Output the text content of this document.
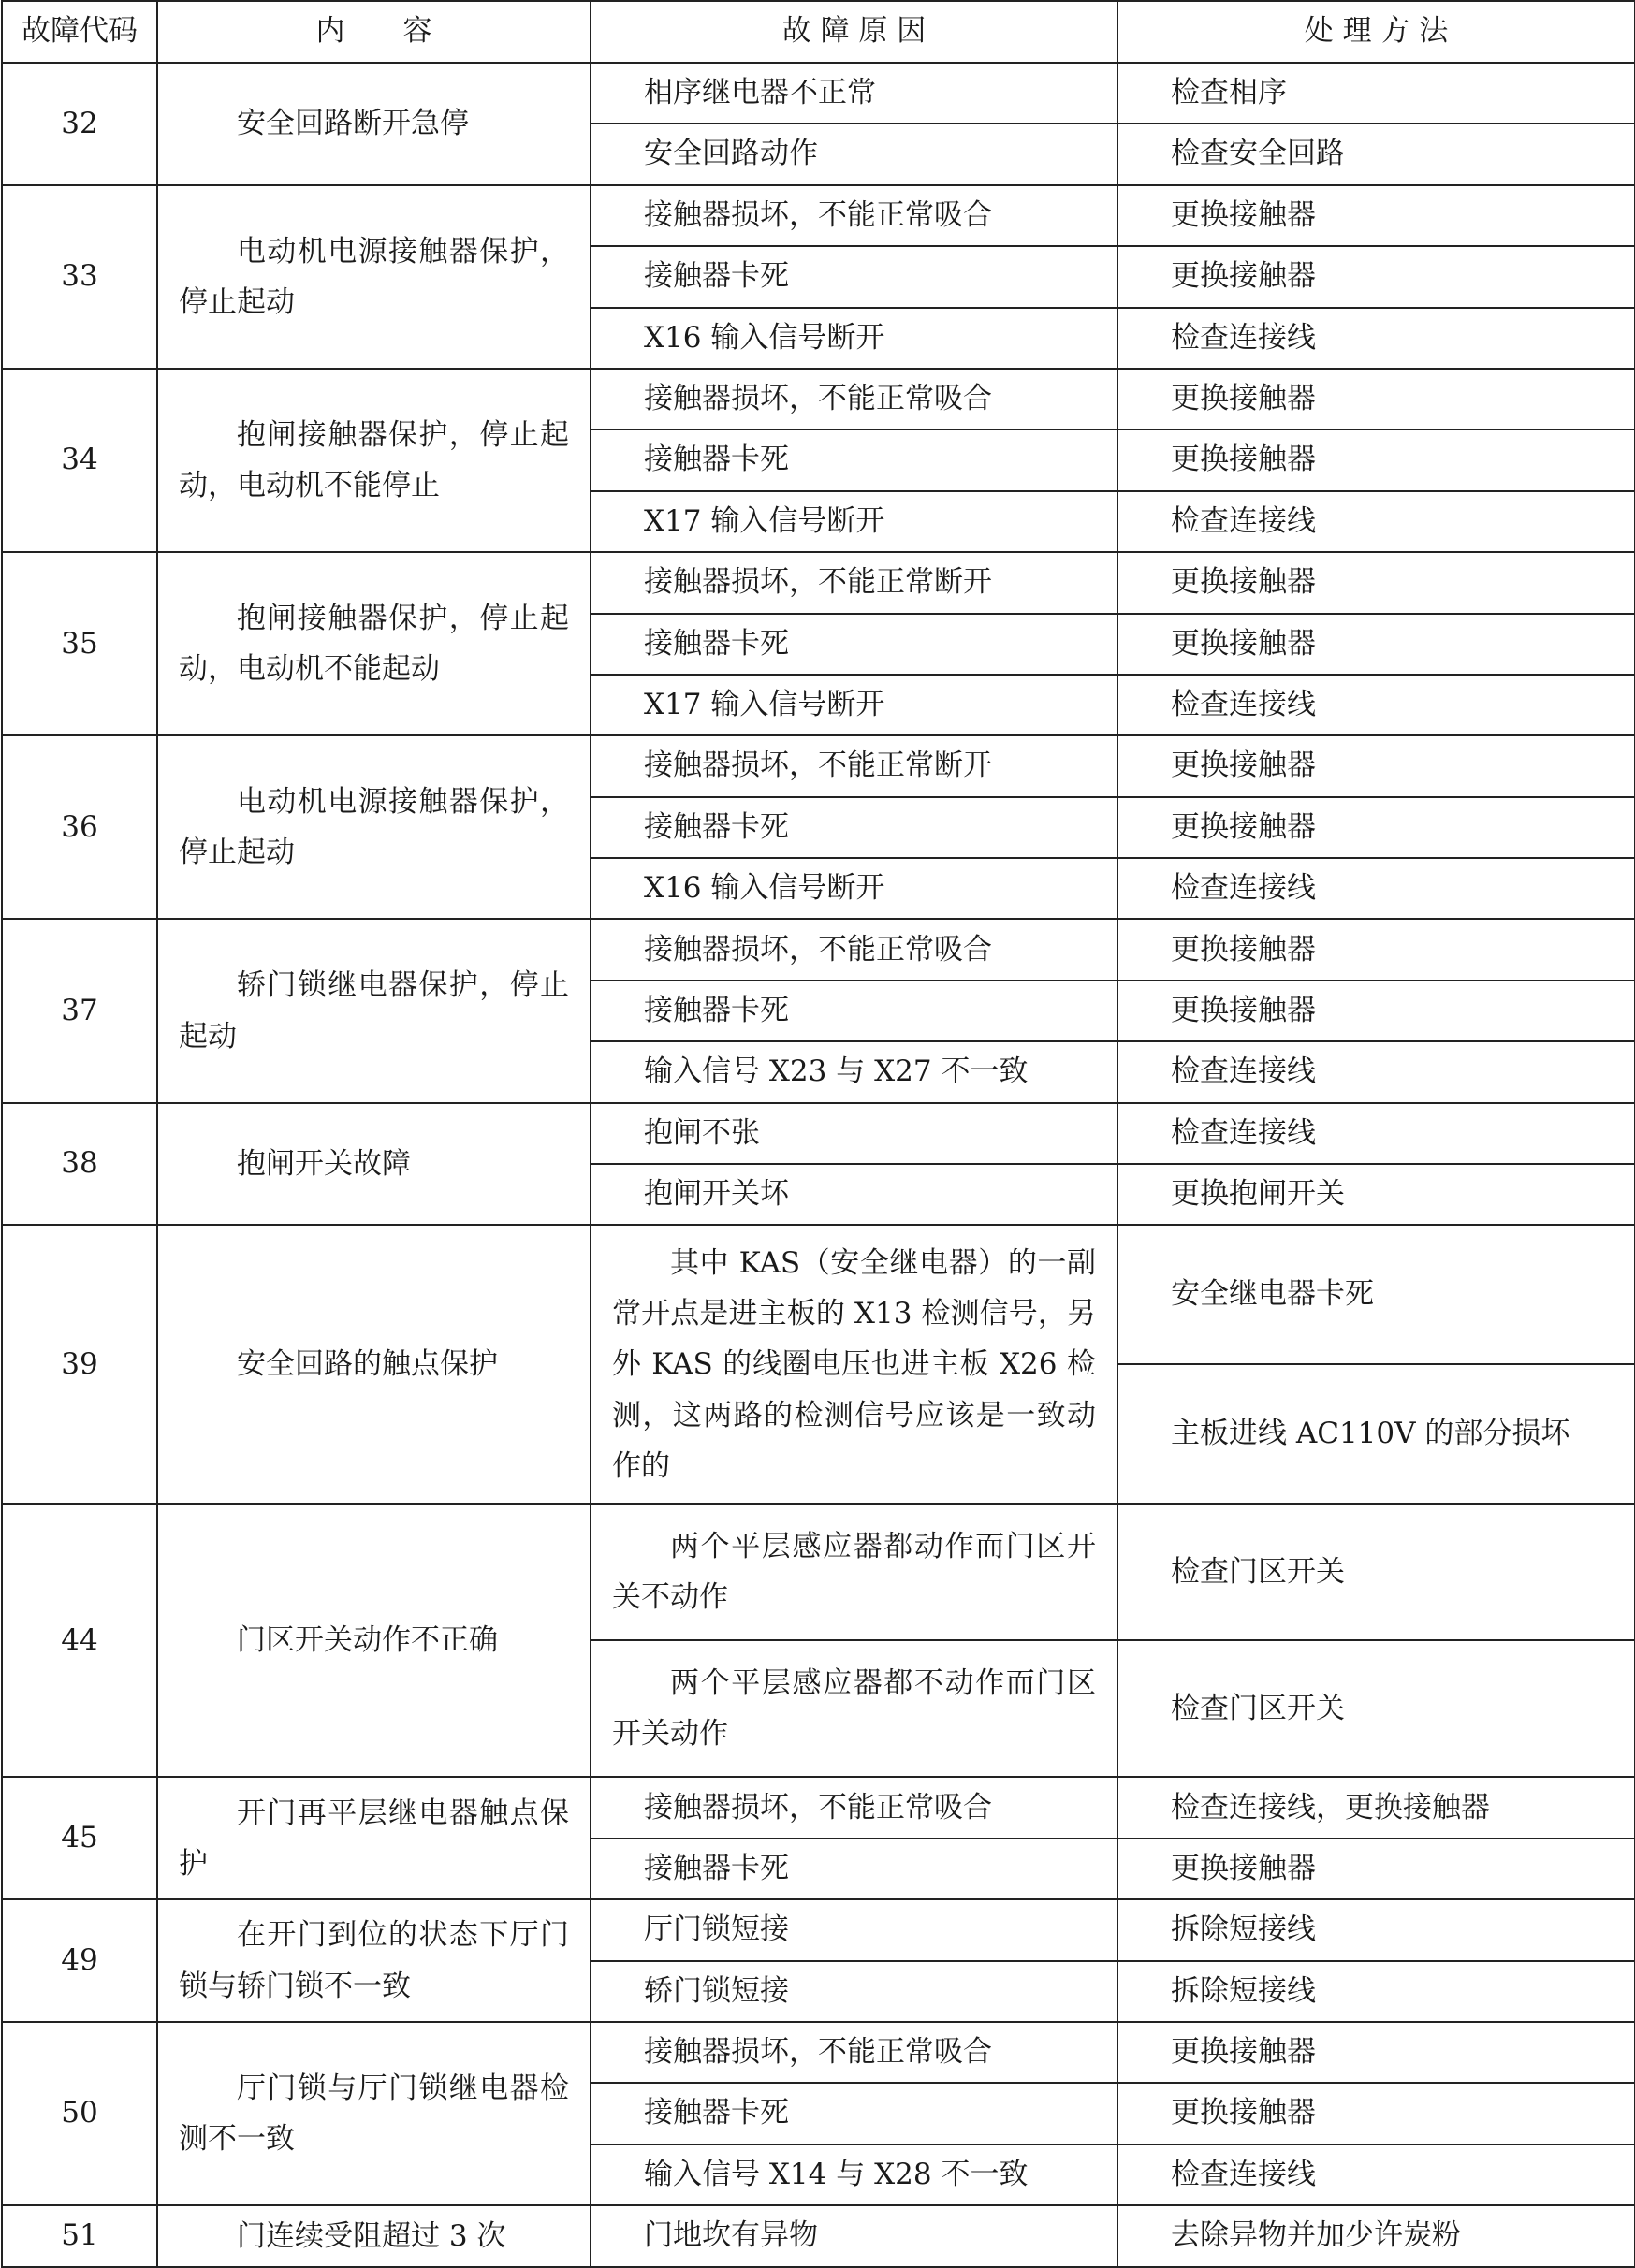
故障代码	内　　容	故 障 原 因	处 理 方 法
32	安全回路断开急停	相序继电器不正常	检查相序
		安全回路动作	检查安全回路
33	电动机电源接触器保护，停止起动	接触器损坏，不能正常吸合	更换接触器
		接触器卡死	更换接触器
		X16 输入信号断开	检查连接线
34	抱闸接触器保护，停止起动，电动机不能停止	接触器损坏，不能正常吸合	更换接触器
		接触器卡死	更换接触器
		X17 输入信号断开	检查连接线
35	抱闸接触器保护，停止起动，电动机不能起动	接触器损坏，不能正常断开	更换接触器
		接触器卡死	更换接触器
		X17 输入信号断开	检查连接线
36	电动机电源接触器保护，停止起动	接触器损坏，不能正常断开	更换接触器
		接触器卡死	更换接触器
		X16 输入信号断开	检查连接线
37	轿门锁继电器保护，停止起动	接触器损坏，不能正常吸合	更换接触器
		接触器卡死	更换接触器
		输入信号 X23 与 X27 不一致	检查连接线
38	抱闸开关故障	抱闸不张	检查连接线
		抱闸开关坏	更换抱闸开关
39	安全回路的触点保护	其中 KAS（安全继电器）的一副常开点是进主板的 X13 检测信号，另外 KAS 的线圈电压也进主板 X26 检测，这两路的检测信号应该是一致动作的	安全继电器卡死
			主板进线 AC110V 的部分损坏
44	门区开关动作不正确	两个平层感应器都动作而门区开关不动作	检查门区开关
		两个平层感应器都不动作而门区开关动作	检查门区开关
45	开门再平层继电器触点保护	接触器损坏，不能正常吸合	检查连接线，更换接触器
		接触器卡死	更换接触器
49	在开门到位的状态下厅门锁与轿门锁不一致	厅门锁短接	拆除短接线
		轿门锁短接	拆除短接线
50	厅门锁与厅门锁继电器检测不一致	接触器损坏，不能正常吸合	更换接触器
		接触器卡死	更换接触器
		输入信号 X14 与 X28 不一致	检查连接线
51	门连续受阻超过 3 次	门地坎有异物	去除异物并加少许炭粉
